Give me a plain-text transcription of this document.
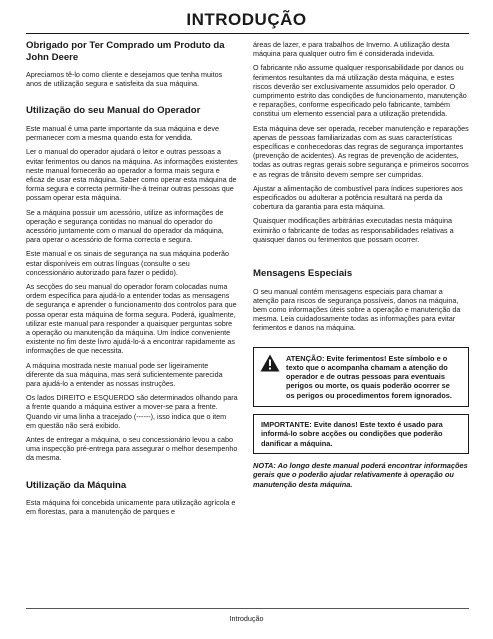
INTRODUÇÃO
Obrigado por Ter Comprado um Produto da John Deere

Apreciamos tê-lo como cliente e desejamos que tenha muitos anos de utilização segura e satisfeita da sua máquina.

Utilização do seu Manual do Operador

Este manual é uma parte importante da sua máquina e deve permanecer com a mesma quando esta for vendida.

Ler o manual do operador ajudará o leitor e outras pessoas a evitar ferimentos ou danos na máquina. As informações existentes neste manual fornecerão ao operador a forma mais segura e eficaz de usar esta máquina. Saber como operar esta máquina de forma segura e correcta permitir-lhe-á treinar outras pessoas que possam operar esta máquina.

Se a máquina possuir um acessório, utilize as informações de operação e segurança contidas no manual do operador do acessório juntamente com o manual do operador da máquina, para operar o acessório de forma correcta e segura.

Este manual e os sinais de segurança na sua máquina poderão estar disponíveis em outras línguas (consulte o seu concessionário autorizado para fazer o pedido).

As secções do seu manual do operador foram colocadas numa ordem específica para ajudá-lo a entender todas as mensagens de segurança e aprender o funcionamento dos controlos para que possa operar esta máquina de forma segura. Poderá, igualmente, utilizar este manual para responder a quaisquer perguntas sobre a operação ou manutenção da máquina. Um índice conveniente existente no fim deste livro ajudá-lo-á a encontrar rapidamente as informações de que necessita.

A máquina mostrada neste manual pode ser ligeiramente diferente da sua máquina, mas será suficientemente parecida para ajudá-lo a entender as nossas instruções.

Os lados DIREITO e ESQUERDO são determinados olhando para a frente quando a máquina estiver a mover-se para a frente. Quando vir uma linha a tracejado (------), isso indica que o item em questão não será exibido.

Antes de entregar a máquina, o seu concessionário levou a cabo uma inspecção pré-entrega para assegurar o melhor desempenho da mesma.

Utilização da Máquina

Esta máquina foi concebida unicamente para utilização agrícola e em florestas, para a manutenção de parques e

áreas de lazer, e para trabalhos de Inverno. A utilização desta máquina para qualquer outro fim é considerada indevida.

O fabricante não assume qualquer responsabilidade por danos ou ferimentos resultantes da má utilização desta máquina, e estes riscos deverão ser exclusivamente assumidos pelo operador. O cumprimento estrito das condições de funcionamento, manutenção e reparações, conforme especificado pelo fabricante, também constitui um elemento essencial para a utilização pretendida.

Esta máquina deve ser operada, receber manutenção e reparações apenas de pessoas familiarizadas com as suas características específicas e conhecedoras das regras de segurança importantes (prevenção de acidentes). As regras de prevenção de acidentes, todas as outras regras gerais sobre segurança e primeiros socorros e as regras de trânsito devem sempre ser cumpridas.

Ajustar a alimentação de combustível para índices superiores aos especificados ou adulterar a potência resultará na perda da cobertura da garantia para esta máquina.

Quaisquer modificações arbitrárias executadas nesta máquina eximirão o fabricante de todas as responsabilidades relativas a quaisquer danos ou ferimentos que possam ocorrer.

Mensagens Especiais

O seu manual contém mensagens especiais para chamar a atenção para riscos de segurança possíveis, danos na máquina, bem como informações úteis sobre a operação e manutenção da mesma. Leia cuidadosamente todas as informações para evitar ferimentos e danos na máquina.

ATENÇÃO: Evite ferimentos! Este símbolo e o texto que o acompanha chamam a atenção do operador e de outras pessoas para eventuais perigos ou morte, os quais poderão ocorrer se os perigos ou procedimentos forem ignorados.
IMPORTANTE: Evite danos! Este texto é usado para informá-lo sobre acções ou condições que poderão danificar a máquina.
NOTA: Ao longo deste manual poderá encontrar informações gerais que o poderão ajudar relativamente à operação ou manutenção desta máquina.
Introdução
